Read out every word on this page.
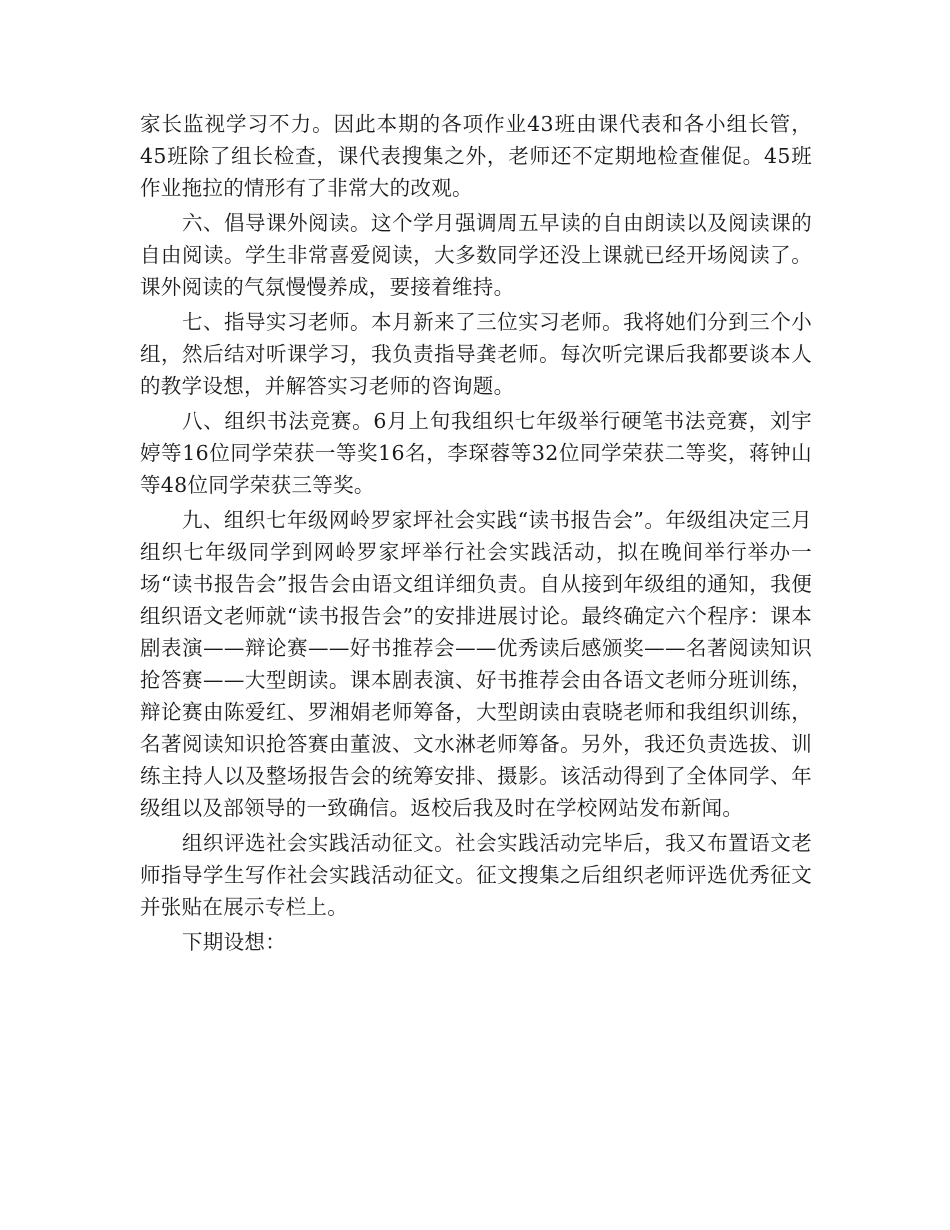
家长监视学习不力。因此本期的各项作业43班由课代表和各小组长管，45班除了组长检查，课代表搜集之外，老师还不定期地检查催促。45班作业拖拉的情形有了非常大的改观。

六、倡导课外阅读。这个学月强调周五早读的自由朗读以及阅读课的自由阅读。学生非常喜爱阅读，大多数同学还没上课就已经开场阅读了。课外阅读的气氛慢慢养成，要接着维持。

七、指导实习老师。本月新来了三位实习老师。我将她们分到三个小组，然后结对听课学习，我负责指导龚老师。每次听完课后我都要谈本人的教学设想，并解答实习老师的咨询题。

八、组织书法竞赛。6月上旬我组织七年级举行硬笔书法竞赛，刘宇婷等16位同学荣获一等奖16名，李琛蓉等32位同学荣获二等奖，蒋钟山等48位同学荣获三等奖。

九、组织七年级网岭罗家坪社会实践“读书报告会”。年级组决定三月组织七年级同学到网岭罗家坪举行社会实践活动，拟在晚间举行举办一场“读书报告会”报告会由语文组详细负责。自从接到年级组的通知，我便组织语文老师就“读书报告会”的安排进展讨论。最终确定六个程序：课本剧表演——辩论赛——好书推荐会——优秀读后感颁奖——名著阅读知识抢答赛——大型朗读。课本剧表演、好书推荐会由各语文老师分班训练，辩论赛由陈爱红、罗湘娟老师筹备，大型朗读由袁晓老师和我组织训练，名著阅读知识抢答赛由董波、文水淋老师筹备。另外，我还负责选拔、训练主持人以及整场报告会的统筹安排、摄影。该活动得到了全体同学、年级组以及部领导的一致确信。返校后我及时在学校网站发布新闻。

组织评选社会实践活动征文。社会实践活动完毕后，我又布置语文老师指导学生写作社会实践活动征文。征文搜集之后组织老师评选优秀征文并张贴在展示专栏上。

下期设想：
